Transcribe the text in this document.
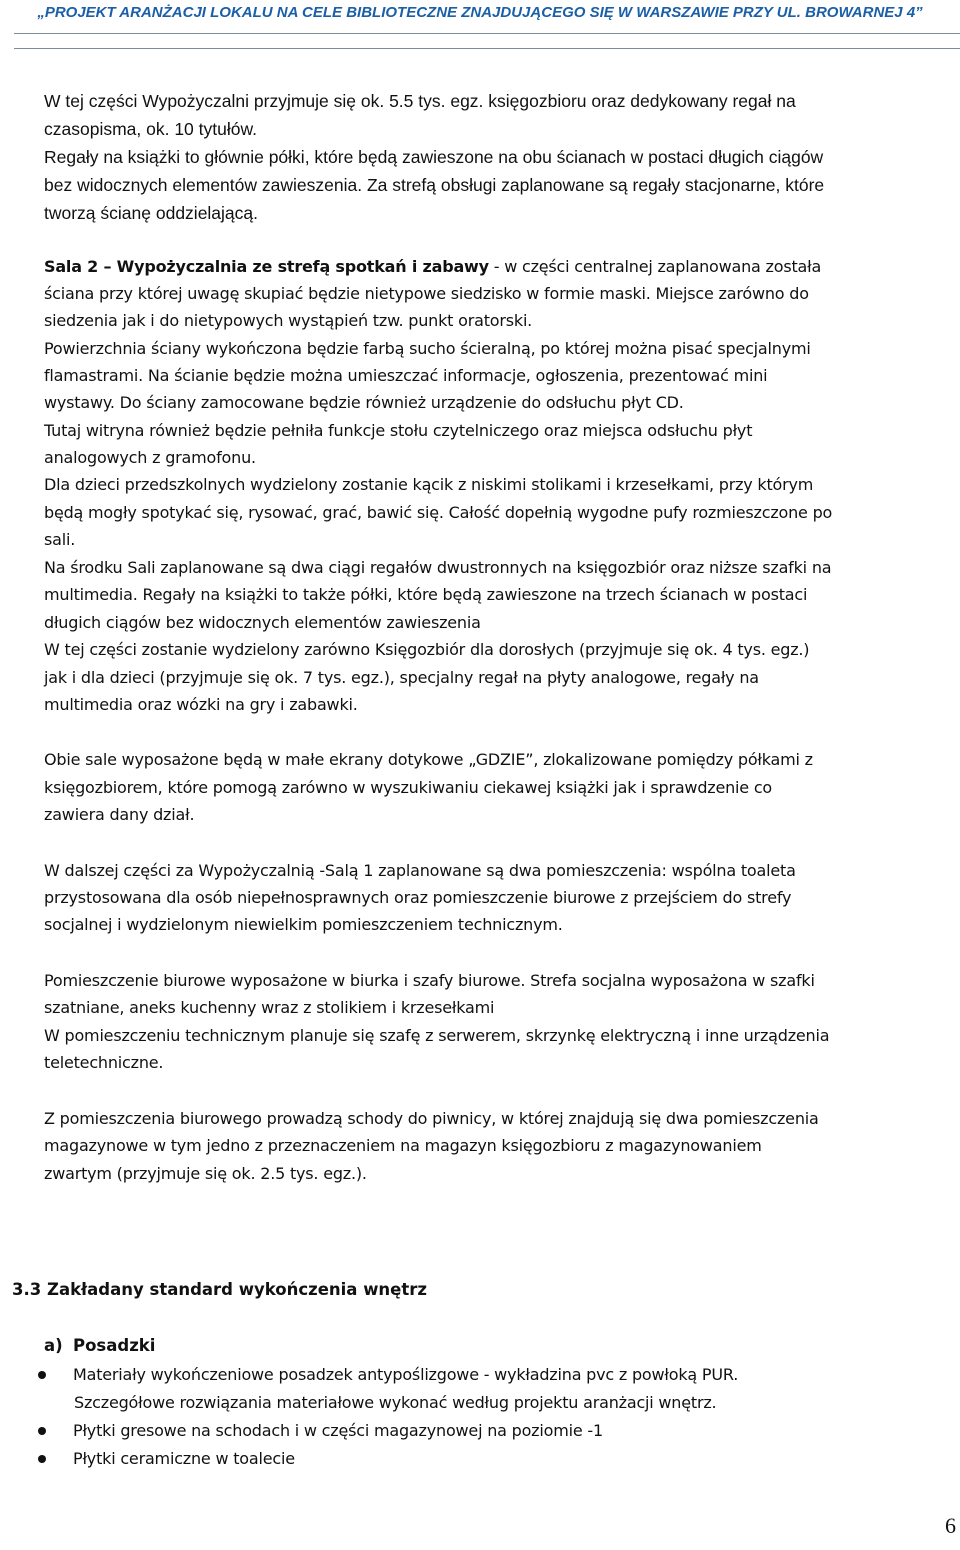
„PROJEKT ARANŻACJI LOKALU NA CELE BIBLIOTECZNE ZNAJDUJĄCEGO SIĘ W WARSZAWIE PRZY UL. BROWARNEJ 4”
W tej części Wypożyczalni przyjmuje się ok. 5.5 tys. egz. księgozbioru oraz dedykowany regał na
czasopisma, ok. 10 tytułów.
Regały na książki to głównie półki, które będą zawieszone na obu ścianach w postaci długich ciągów
bez widocznych elementów zawieszenia. Za strefą obsługi zaplanowane są regały stacjonarne, które
tworzą ścianę oddzielającą.
Sala 2 – Wypożyczalnia ze strefą spotkań i zabawy - w części centralnej zaplanowana została
ściana przy której uwagę skupiać będzie nietypowe siedzisko w formie maski. Miejsce zarówno do
siedzenia jak i do nietypowych wystąpień tzw. punkt oratorski.
Powierzchnia ściany wykończona będzie farbą sucho ścieralną, po której można pisać specjalnymi
flamastrami. Na ścianie będzie można umieszczać informacje, ogłoszenia, prezentować mini
wystawy. Do ściany zamocowane będzie również urządzenie do odsłuchu płyt CD.
Tutaj witryna również będzie pełniła funkcje stołu czytelniczego oraz miejsca odsłuchu płyt
analogowych z gramofonu.
Dla dzieci przedszkolnych wydzielony zostanie kącik z niskimi stolikami i krzesełkami, przy którym
będą mogły spotykać się, rysować, grać, bawić się. Całość dopełnią wygodne pufy rozmieszczone po
sali.
Na środku Sali zaplanowane są dwa ciągi regałów dwustronnych na księgozbiór oraz niższe szafki na
multimedia. Regały na książki to także półki, które będą zawieszone na trzech ścianach w postaci
długich ciągów bez widocznych elementów zawieszenia
W tej części zostanie wydzielony zarówno Księgozbiór dla dorosłych (przyjmuje się ok. 4 tys. egz.)
jak i dla dzieci (przyjmuje się ok. 7 tys. egz.), specjalny regał na płyty analogowe, regały na
multimedia oraz wózki na gry i zabawki.
Obie sale wyposażone będą w małe ekrany dotykowe „GDZIE”, zlokalizowane pomiędzy półkami z
księgozbiorem, które pomogą zarówno w wyszukiwaniu ciekawej książki jak i sprawdzenie co
zawiera dany dział.
W dalszej części za Wypożyczalnią -Salą 1 zaplanowane są dwa pomieszczenia: wspólna toaleta
przystosowana dla osób niepełnosprawnych oraz pomieszczenie biurowe z przejściem do strefy
socjalnej i wydzielonym niewielkim pomieszczeniem technicznym.
Pomieszczenie biurowe wyposażone w biurka i szafy biurowe. Strefa socjalna wyposażona w szafki
szatniane, aneks kuchenny wraz z stolikiem i krzesełkami
W pomieszczeniu technicznym planuje się szafę z serwerem, skrzynkę elektryczną i inne urządzenia
teletechniczne.
Z pomieszczenia biurowego prowadzą schody do piwnicy, w której znajdują się dwa pomieszczenia
magazynowe w tym jedno z przeznaczeniem na magazyn księgozbioru z magazynowaniem
zwartym (przyjmuje się ok. 2.5 tys. egz.).
3.3 Zakładany standard wykończenia wnętrz
a) Posadzki
Materiały wykończeniowe posadzek antypoślizgowe - wykładzina pvc z powłoką PUR.
Szczegółowe rozwiązania materiałowe wykonać według projektu aranżacji wnętrz.
Płytki gresowe na schodach i w części magazynowej na poziomie -1
Płytki ceramiczne w toalecie
6
